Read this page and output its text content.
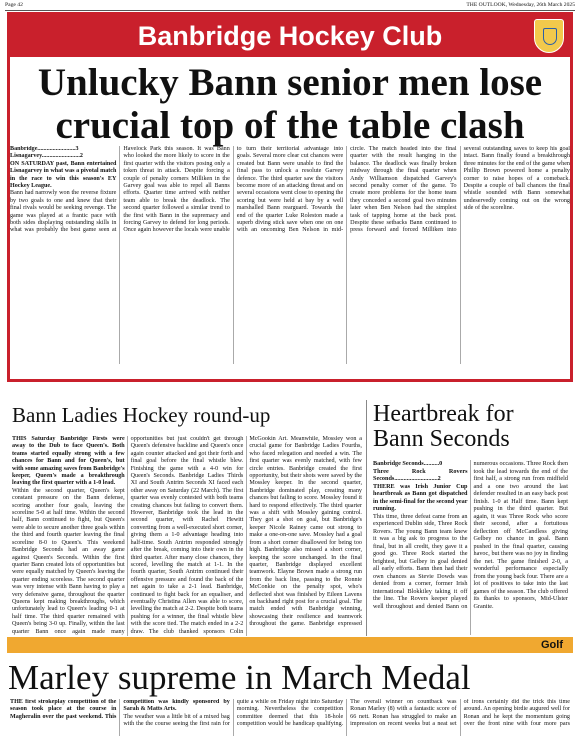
Page 42	THE OUTLOOK, Wednesday, 26th March 2025
Banbridge Hockey Club
Unlucky Bann senior men lose crucial top of the table clash

Banbridge.........................3

Lisnagarvey.........................2

ON SATURDAY past, Bann entertained Lisnagarvey in what was a pivotal match in the race to win this season's EY Hockey League.

Bann had narrowly won the reverse fixture by two goals to one and knew that their final rivals would be seeking revenge. The game was played at a frantic pace with both sides displaying outstanding skills in what was probably the best game seen at Havelock Park this season. It was Bann who looked the more likely to score in the first quarter with the visitors posing only a token threat in attack. Despite forcing a couple of penalty corners Milliken in the Garvey goal was able to repel all Banns efforts. Quarter time arrived with neither team able to break the deadlock. The second quarter followed a similar trend to the first with Bann in the supremacy and forcing Garvey to defend for long periods. Once again however the locals were unable to turn their territorial advantage into goals. Several more clear cut chances were created but Bann were unable to find the final pass to unlock a resolute Garvey defence. The third quarter saw the visitors become more of an attacking threat and on several occasions went close to opening the scoring but were held at bay by a well marshalled Bann rearguard. Towards the end of the quarter Luke Roleston made a superb diving stick save when one on one with an oncoming Ben Nelson in mid-circle. The match headed into the final quarter with the result hanging in the balance. The deadlock was finally broken midway through the final quarter when Andy Williamson dispatched Garvey's second penalty corner of the game. To create more problems for the home team they conceded a second goal two minutes later when Ben Nelson had the simplest task of tapping home at the back post. Despite these setbacks Bann continued to press forward and forced Milliken into several outstanding saves to keep his goal intact. Bann finally found a breakthrough three minutes for the end of the game when Phillip Brown powered home a penalty corner to raise hopes of a comeback. Despite a couple of ball chances the final whistle sounded with Bann somewhat undeservedly coming out on the wrong side of the scoreline.

Bann Ladies Hockey round-up

THIS Saturday Banbridge Firsts were away to the Dub to face Queen's. Both teams started equally strong with a few chances for Bann and for Queen's, but with some amazing saves from Banbridge's keeper, Queen's made a breakthrough leaving the first quarter with a 1-0 lead.

Within the second quarter, Queen's kept constant pressure on the Bann defense, scoring another four goals, leaving the scoreline 5-0 at half time. Within the second half, Bann continued to fight, but Queen's were able to secure another three goals within the third and fourth quarter leaving the final scoreline 8-0 to Queen's. This weekend Banbridge Seconds had an away game against Queen's Seconds. Within the first quarter Bann created lots of opportunities but were equally matched by Queen's leaving the quarter ending scoreless. The second quarter was very intense with Bann having to play a very defensive game, throughout the quarter Queens kept making breakthroughs, which unfortunately lead to Queen's leading 0-1 at half time. The third quarter remained with Queen's being 3-0 up. Finally, within the last quarter Bann once again made many opportunities but just couldn't get through Queen's defensive backline and Queen's once again counter attacked and got their forth and final goal before the final whistle blew. Finishing the game with a 4-0 win for Queen's Seconds. Banbridge Ladies Thirds XI and South Antrim Seconds XI faced each other away on Saturday (22 March). The first quarter was evenly contested with both teams creating chances but failing to convert them. However, Banbridge took the lead in the second quarter, with Rachel Hewitt converting from a well-executed short corner, giving them a 1-0 advantage heading into half-time. South Antrim responded strongly after the break, coming into their own in the third quarter. After many close chances, they scored, levelling the match at 1-1. In the fourth quarter, South Antrim continued their offensive pressure and found the back of the net again to take a 2-1 lead. Banbridge, continued to fight back for an equaliser, and eventually Christina Allen was able to score, levelling the match at 2-2. Despite both teams pushing for a winner, the final whistle blew with the score tied. The match ended in a 2-2 draw. The club thanked sponsors Colin McGookin Art. Meanwhile, Mossley won a crucial game for Banbridge Ladies Fourths, who faced relegation and needed a win. The first quarter was evenly matched, with few circle entries. Banbridge created the first opportunity, but their shots were saved by the Mossley keeper. In the second quarter, Banbridge dominated play, creating many chances but failing to score. Mossley found it hard to respond effectively. The third quarter was a shift with Mossley gaining control. They got a shot on goal, but Banbridge's keeper Nicole Rainey came out strong to make a one-on-one save. Mossley had a goal from a short corner disallowed for being too high. Banbridge also missed a short corner, keeping the score unchanged. In the final quarter, Banbridge displayed excellent teamwork. Elayne Brown made a strong run from the back line, passing to the Ronnie McConkie on the penalty spot, who's deflected shot was finished by Eileen Lavens on backhand right post for a crucial goal. The match ended with Banbridge winning, showcasing their resilience and teamwork throughout the game. Banbridge expressed

Heartbreak for Bann Seconds

Banbridge Seconds..........0

Three Rock Rovers Seconds............................2

THERE was Irish Junior Cup heartbreak as Bann got dispatched in the semi-final for the second year running.

This time, three defeat came from an experienced Dublin side, Three Rock Rovers. The young Bann team knew it was a big ask to progress to the final, but in all credit, they gave it a good go. Three Rock started the brightest, but Gelbey in goal denied all early efforts. Bann then had their own chances as Stevie Dowds was denied from a corner, former Irish international Blokkiley taking it off the line. The Rovers keeper played well throughout and denied Bann on numerous occasions. Three Rock then took the lead towards the end of the first half, a strong run from midfield and a one two around the last defender resulted in an easy back post finish. 1-0 at Half time. Bann kept pushing in the third quarter. But again, it was Three Rock who score their second, after a fortuitous deflection off McCandless giving Gelbey no chance in goal. Bann pushed in the final quarter, causing havoc, but there was no joy in finding the net. The game finished 2-0, a wonderful performance especially from the young back four. There are a lot of positives to take into the last games of the season. The club offered its thanks to sponsors, Mid-Ulster Granite.

Golf
Marley supreme in March Medal

THE first strokeplay competition of the season took place at the course in Magheralin over the past weekend. This competition was kindly sponsored by Sarah & Matts Arts.

The weather was a little bit of a mixed bag with the the course seeing the first rain for quite a while on Friday night into Saturday morning. Nevertheless the competition committee deemed that this 18-hole competition would be handicap qualifying. The overall winner on countback was Ronan Marley (8) with a fantastic score of 66 nett. Ronan has struggled to make an impression on recent weeks but a neat set of irons certainly did the trick this time around. An opening birdie augured well for Ronan and he kept the momentum going over the front nine with four more pars
